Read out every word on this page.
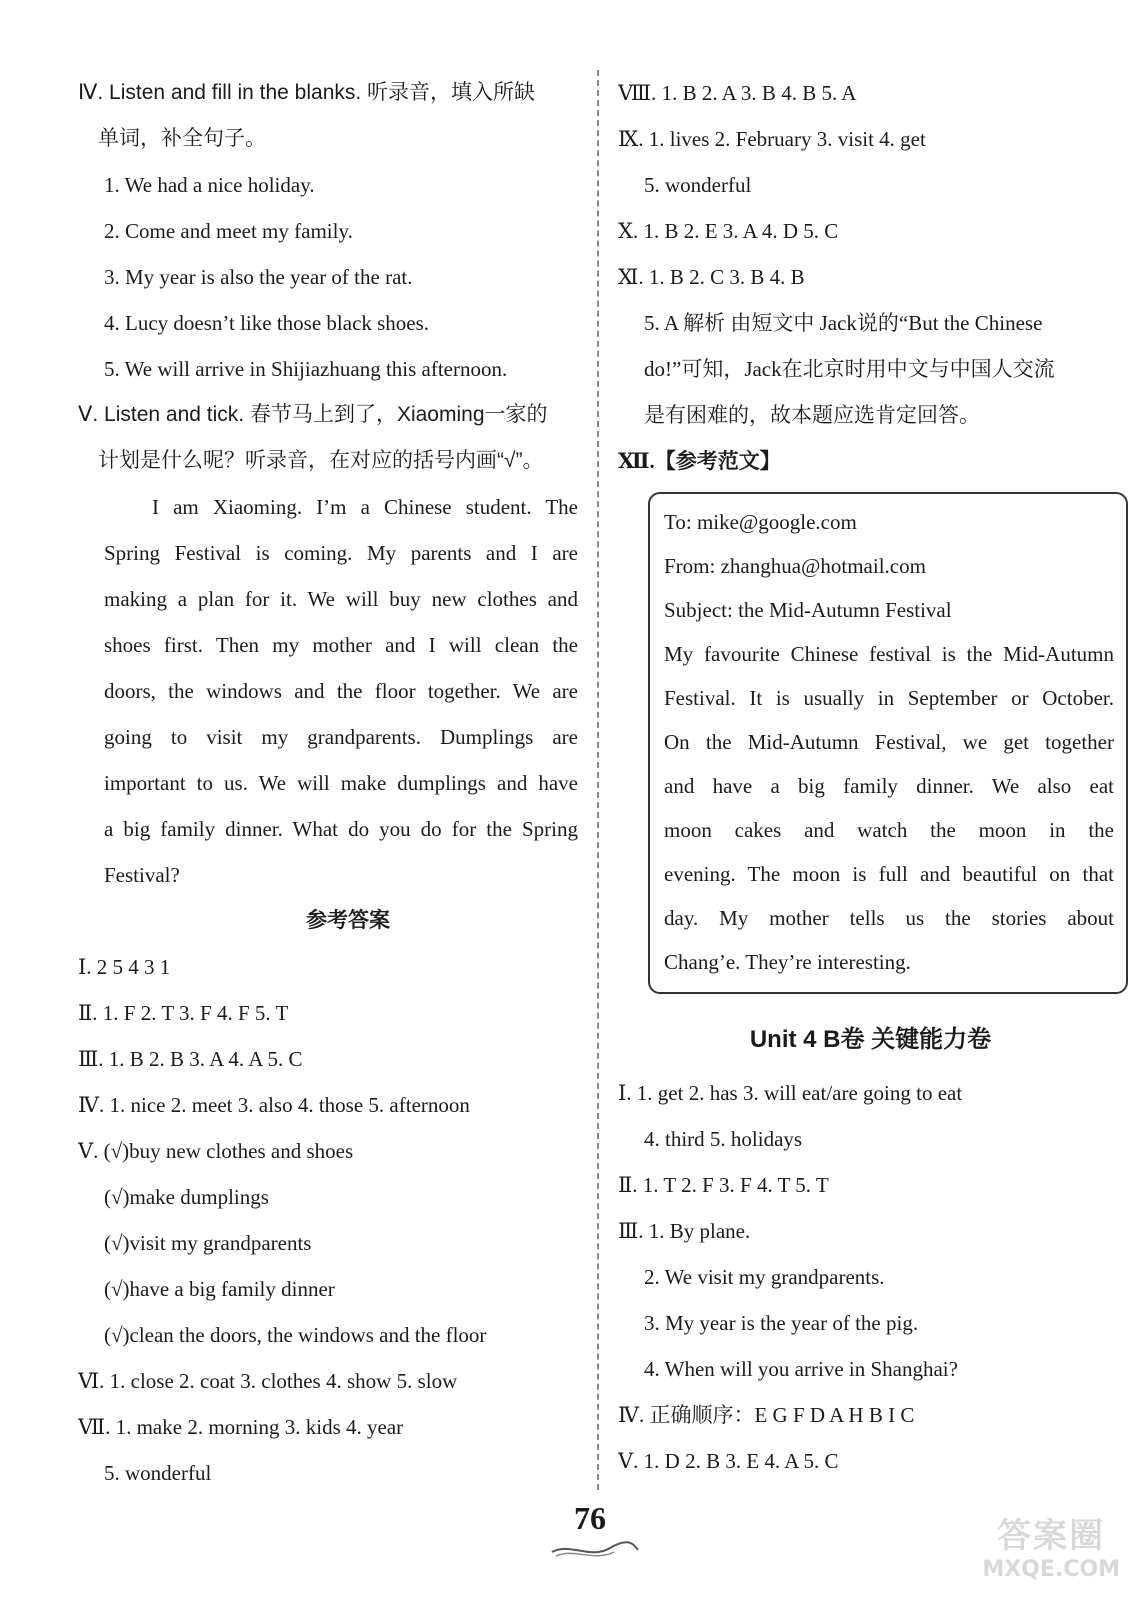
Ⅳ. Listen and fill in the blanks. 听录音，填入所缺
单词，补全句子。
1. We had a nice holiday.
2. Come and meet my family.
3. My year is also the year of the rat.
4. Lucy doesn’t like those black shoes.
5. We will arrive in Shijiazhuang this afternoon.
Ⅴ. Listen and tick. 春节马上到了，Xiaoming一家的
计划是什么呢？听录音，在对应的括号内画“√”。
I am Xiaoming. I’m a Chinese student. The
Spring Festival is coming. My parents and I are
making a plan for it. We will buy new clothes and
shoes first. Then my mother and I will clean the
doors, the windows and the floor together. We are
going to visit my grandparents. Dumplings are
important to us. We will make dumplings and have
a big family dinner. What do you do for the Spring
Festival?
参考答案
Ⅰ. 2 5 4 3 1
Ⅱ. 1. F 2. T 3. F 4. F 5. T
Ⅲ. 1. B 2. B 3. A 4. A 5. C
Ⅳ. 1. nice 2. meet 3. also 4. those 5. afternoon
Ⅴ. (√)buy new clothes and shoes
(√)make dumplings
(√)visit my grandparents
(√)have a big family dinner
(√)clean the doors, the windows and the floor
Ⅵ. 1. close 2. coat 3. clothes 4. show 5. slow
Ⅶ. 1. make 2. morning 3. kids 4. year
5. wonderful
Ⅷ. 1. B 2. A 3. B 4. B 5. A
Ⅸ. 1. lives 2. February 3. visit 4. get
5. wonderful
Ⅹ. 1. B 2. E 3. A 4. D 5. C
Ⅺ. 1. B 2. C 3. B 4. B
5. A 解析 由短文中 Jack说的“But the Chinese
do!”可知，Jack在北京时用中文与中国人交流
是有困难的，故本题应选肯定回答。
Ⅻ.【参考范文】
To: mike@google.com
From: zhanghua@hotmail.com
Subject: the Mid-Autumn Festival
My favourite Chinese festival is the Mid-Autumn
Festival. It is usually in September or October.
On the Mid-Autumn Festival, we get together
and have a big family dinner. We also eat
moon cakes and watch the moon in the
evening. The moon is full and beautiful on that
day. My mother tells us the stories about
Chang’e. They’re interesting.
Unit 4 B卷 关键能力卷
Ⅰ. 1. get 2. has 3. will eat/are going to eat
4. third 5. holidays
Ⅱ. 1. T 2. F 3. F 4. T 5. T
Ⅲ. 1. By plane.
2. We visit my grandparents.
3. My year is the year of the pig.
4. When will you arrive in Shanghai?
Ⅳ. 正确顺序：E G F D A H B I C
Ⅴ. 1. D 2. B 3. E 4. A 5. C
76	答案圈
MXQE.COM
